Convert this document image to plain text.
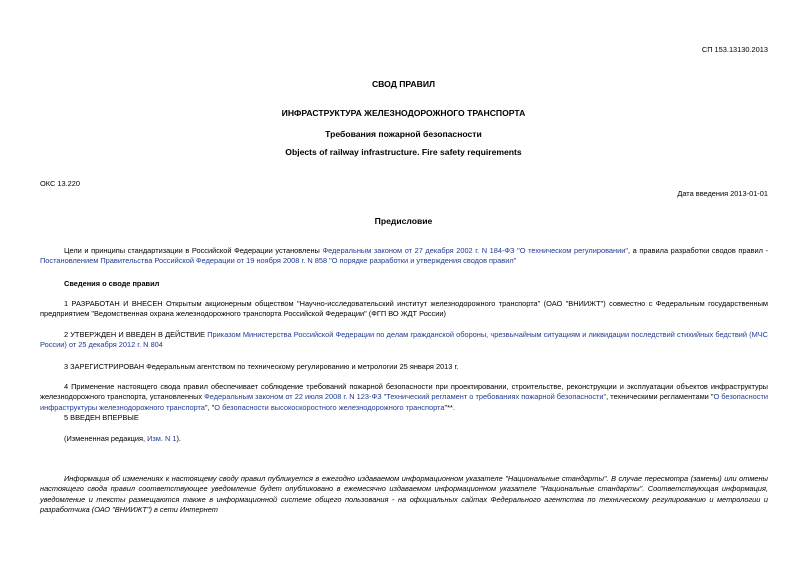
СП 153.13130.2013
СВОД ПРАВИЛ
ИНФРАСТРУКТУРА ЖЕЛЕЗНОДОРОЖНОГО ТРАНСПОРТА
Требования пожарной безопасности
Objects of railway infrastructure. Fire safety requirements
ОКС 13.220
Дата введения 2013-01-01
Предисловие
Цели и принципы стандартизации в Российской Федерации установлены Федеральным законом от 27 декабря 2002 г. N 184-ФЗ "О техническом регулировании", а правила разработки сводов правил - Постановлением Правительства Российской Федерации от 19 ноября 2008 г. N 858 "О порядке разработки и утверждения сводов правил"
Сведения о своде правил
1 РАЗРАБОТАН И ВНЕСЕН Открытым акционерным обществом "Научно-исследовательский институт железнодорожного транспорта" (ОАО "ВНИИЖТ") совместно с Федеральным государственным предприятием "Ведомственная охрана железнодорожного транспорта Российской Федерации" (ФГП ВО ЖДТ России)
2 УТВЕРЖДЕН И ВВЕДЕН В ДЕЙСТВИЕ Приказом Министерства Российской Федерации по делам гражданской обороны, чрезвычайным ситуациям и ликвидации последствий стихийных бедствий (МЧС России) от 25 декабря 2012 г. N 804
3 ЗАРЕГИСТРИРОВАН Федеральным агентством по техническому регулированию и метрологии 25 января 2013 г.
4 Применение настоящего свода правил обеспечивает соблюдение требований пожарной безопасности при проектировании, строительстве, реконструкции и эксплуатации объектов инфраструктуры железнодорожного транспорта, установленных Федеральным законом от 22 июля 2008 г. N 123-ФЗ "Технический регламент о требованиях пожарной безопасности", техническими регламентами "О безопасности инфраструктуры железнодорожного транспорта", "О безопасности высокоскоростного железнодорожного транспорта"**.
5 ВВЕДЕН ВПЕРВЫЕ
(Измененная редакция, Изм. N 1).
Информация об изменениях к настоящему своду правил публикуется в ежегодно издаваемом информационном указателе "Национальные стандарты". В случае пересмотра (замены) или отмены настоящего свода правил соответствующее уведомление будет опубликовано в ежемесячно издаваемом информационном указателе "Национальные стандарты". Соответствующая информация, уведомление и тексты размещаются также в информационной системе общего пользования - на официальных сайтах Федерального агентства по техническому регулированию и метрологии и разработчика (ОАО "ВНИИЖТ") в сети Интернет
